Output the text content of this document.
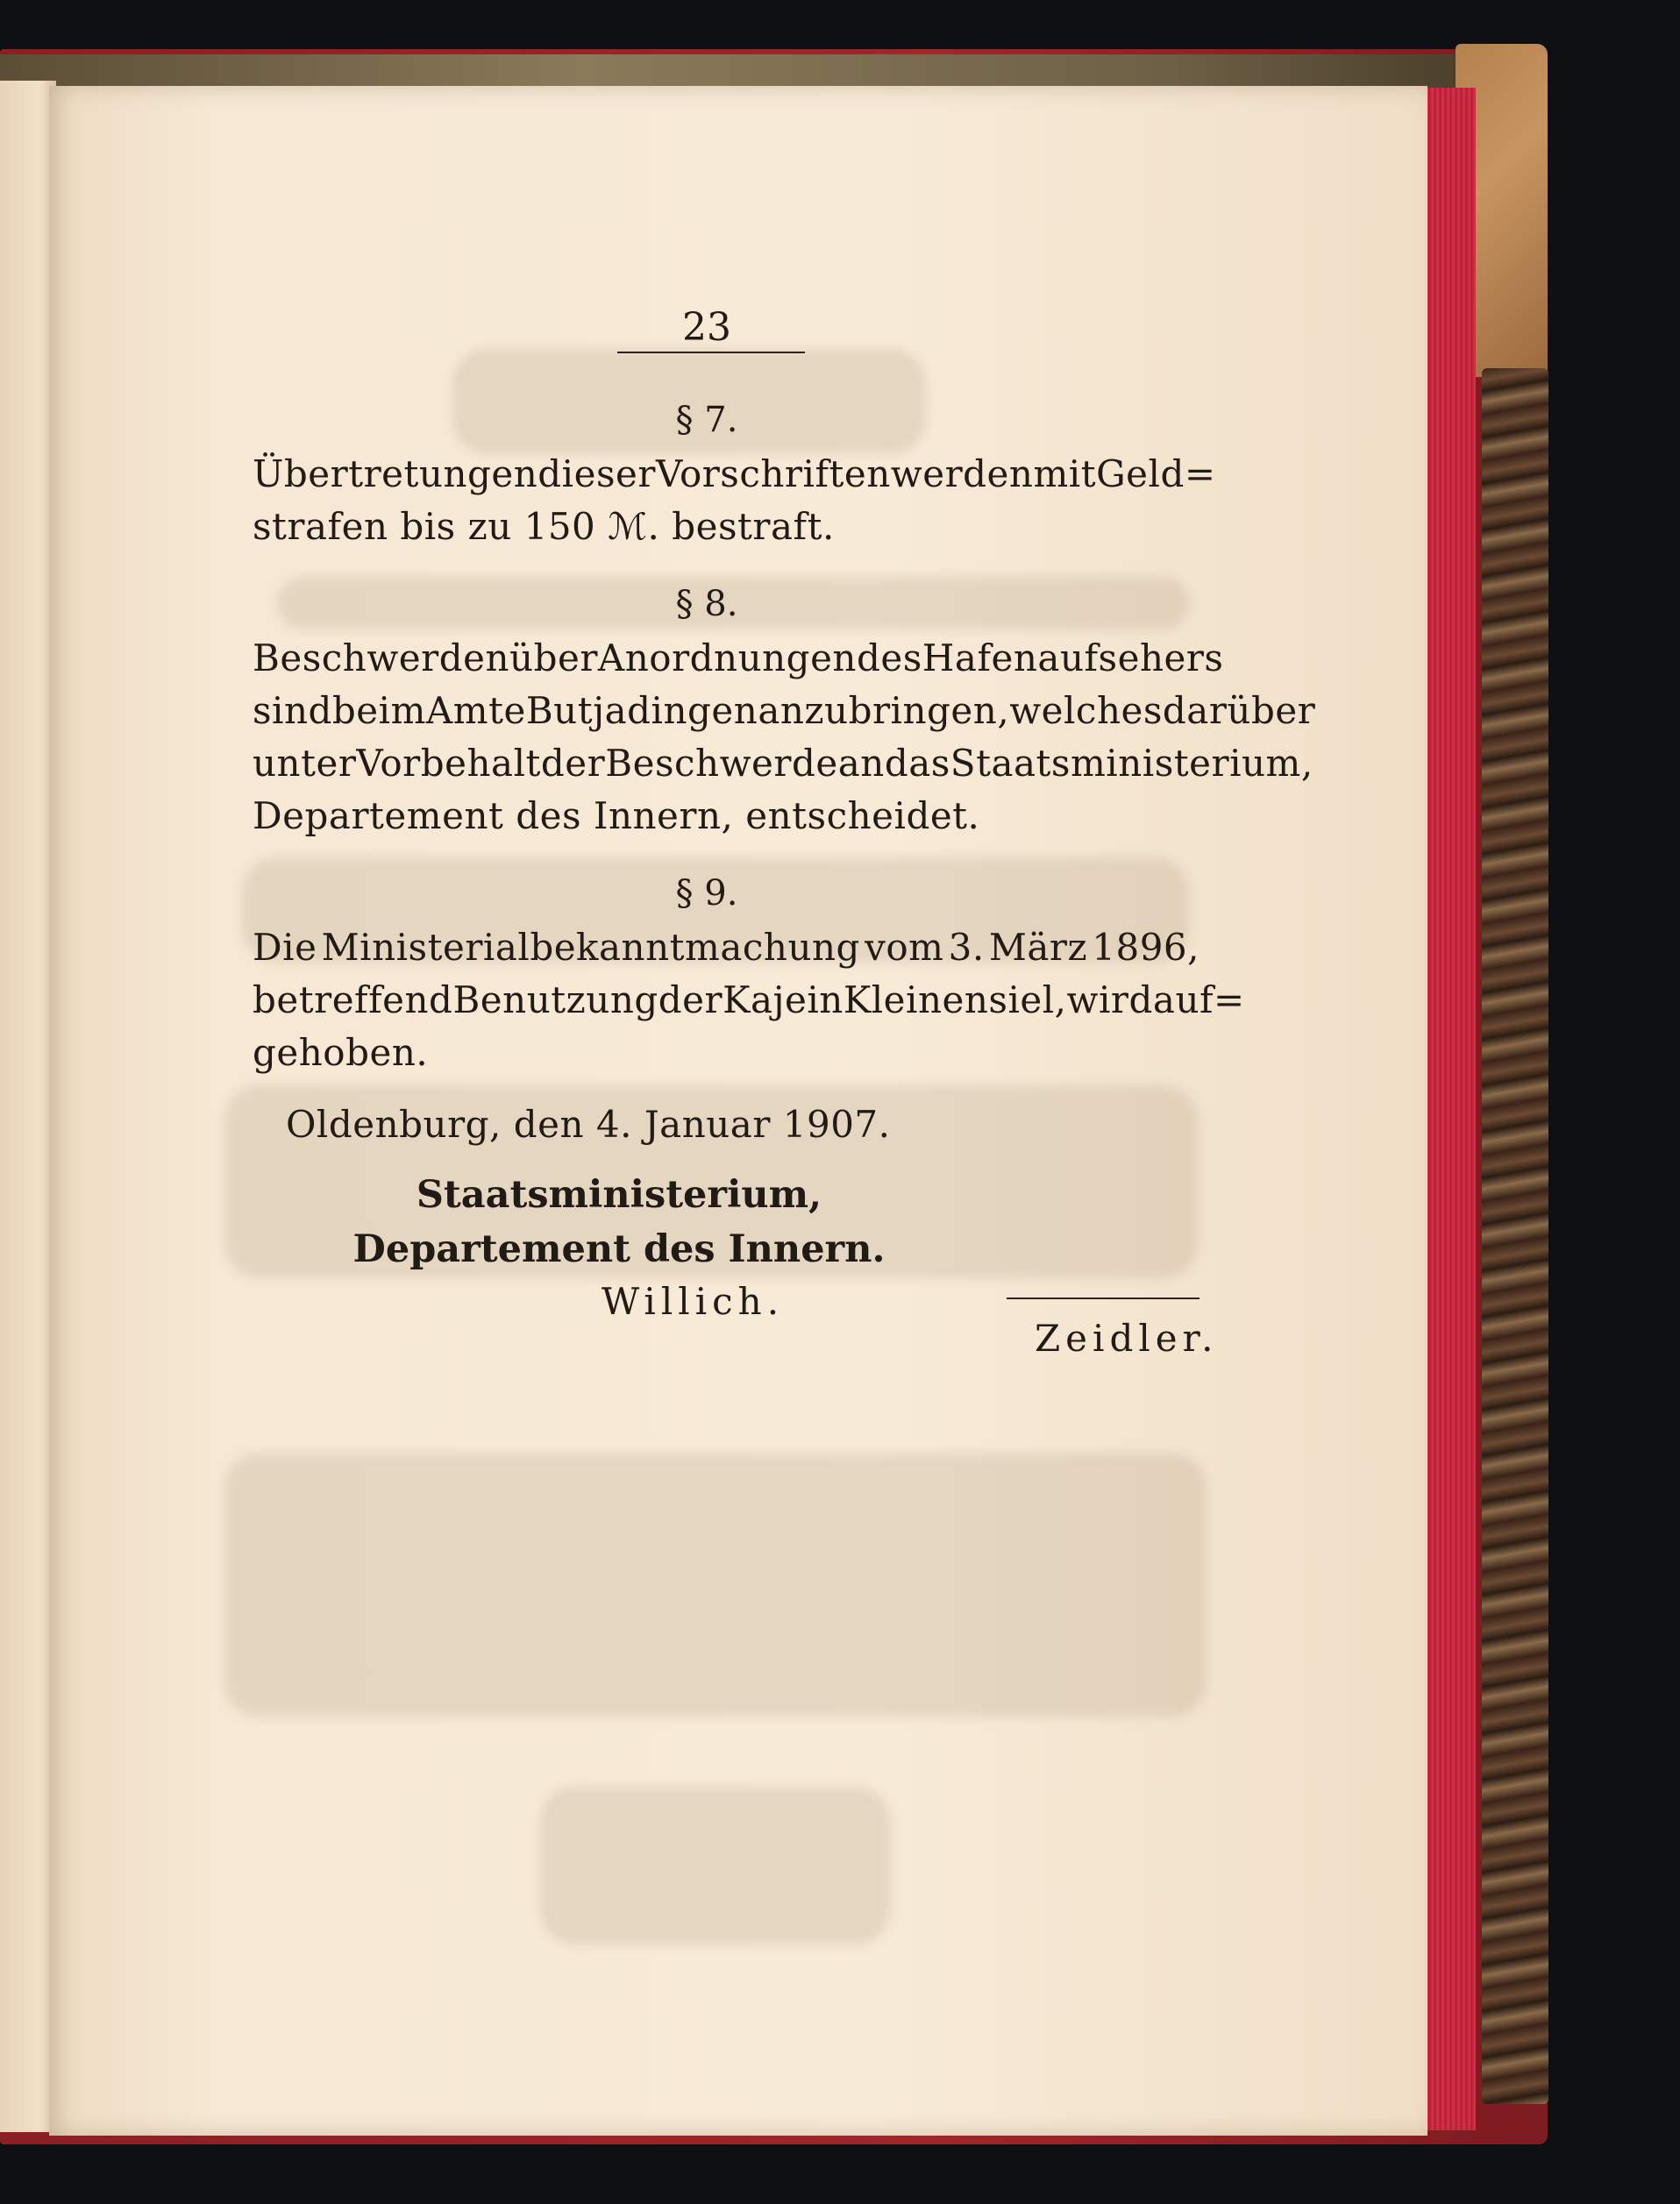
23
§ 7.
Übertretungen dieser Vorschriften werden mit Geld=
strafen bis zu 150 ℳ. bestraft.
§ 8.
Beschwerden über Anordnungen des Hafenaufsehers
sind beim Amte Butjadingen anzubringen, welches darüber
unter Vorbehalt der Beschwerde an das Staatsministerium,
Departement des Innern, entscheidet.
§ 9.
Die Ministerialbekanntmachung vom 3. März 1896,
betreffend Benutzung der Kaje in Kleinensiel, wird auf=
gehoben.
Oldenburg, den 4. Januar 1907.
Staatsministerium,
Departement des Innern.
Willich.
Zeidler.
